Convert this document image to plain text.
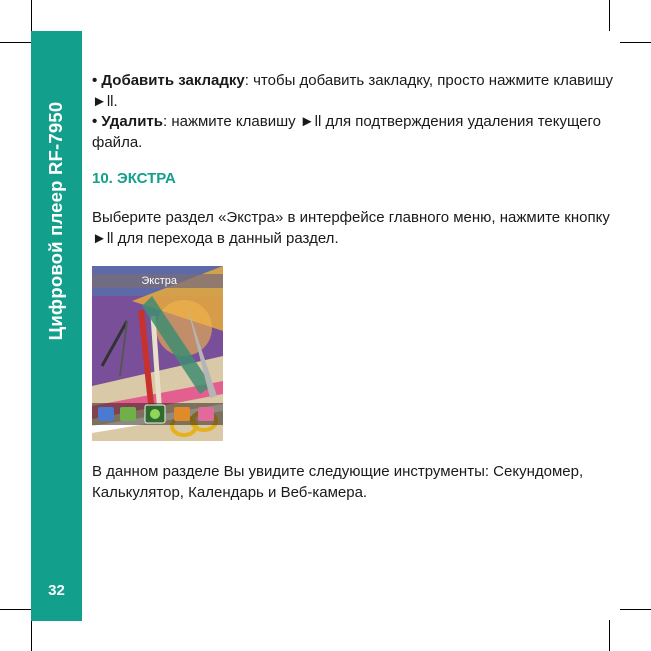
Цифровой плеер RF-7950
32

• Добавить закладку: чтобы добавить закладку, просто нажмите клавишу ►ll.

• Удалить: нажмите клавишу ►ll для подтверждения удаления текущего файла.

10. ЭКСТРА

Выберите раздел «Экстра» в интерфейсе главного меню, нажмите кнопку ►ll для перехода в данный раздел.

Экстра

В данном разделе Вы увидите следующие инструменты: Секундомер, Калькулятор, Календарь и Веб-камера.
